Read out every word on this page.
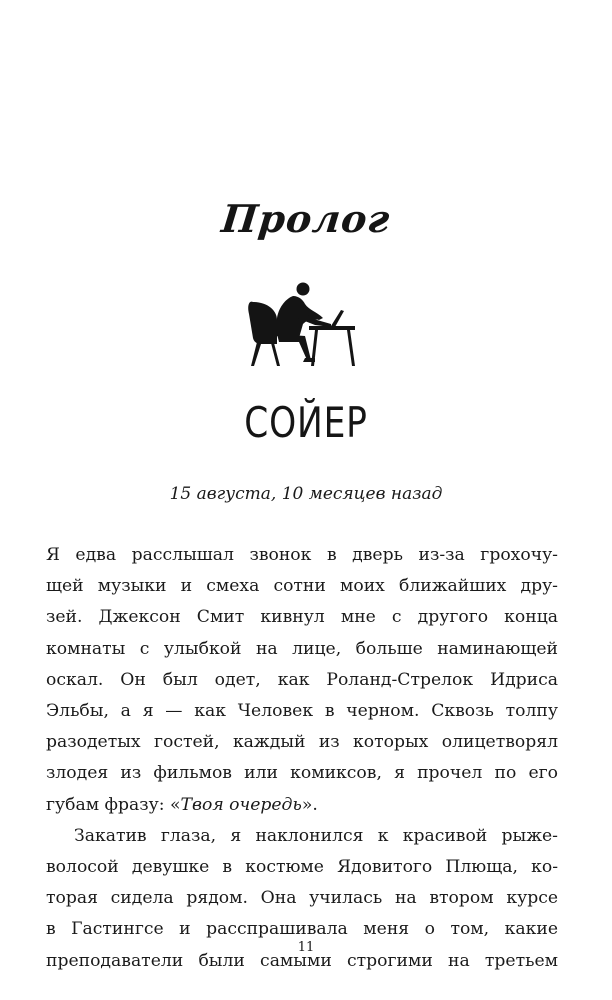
Пролог
СОЙЕР
15 августа, 10 месяцев назад
Я едва расслышал звонок в дверь из-за грохочу-
щей музыки и смеха сотни моих ближайших дру-
зей. Джексон Смит кивнул мне с другого конца
комнаты с улыбкой на лице, больше наминающей
оскал. Он был одет, как Роланд-Стрелок Идриса
Эльбы, а я — как Человек в черном. Сквозь толпу
разодетых гостей, каждый из которых олицетворял
злодея из фильмов или комиксов, я прочел по его
губам фразу: «Твоя очередь».
Закатив глаза, я наклонился к красивой рыже-
волосой девушке в костюме Ядовитого Плюща, ко-
торая сидела рядом. Она училась на втором курсе
в Гастингсе и расспрашивала меня о том, какие
преподаватели были самыми строгими на третьем
11
